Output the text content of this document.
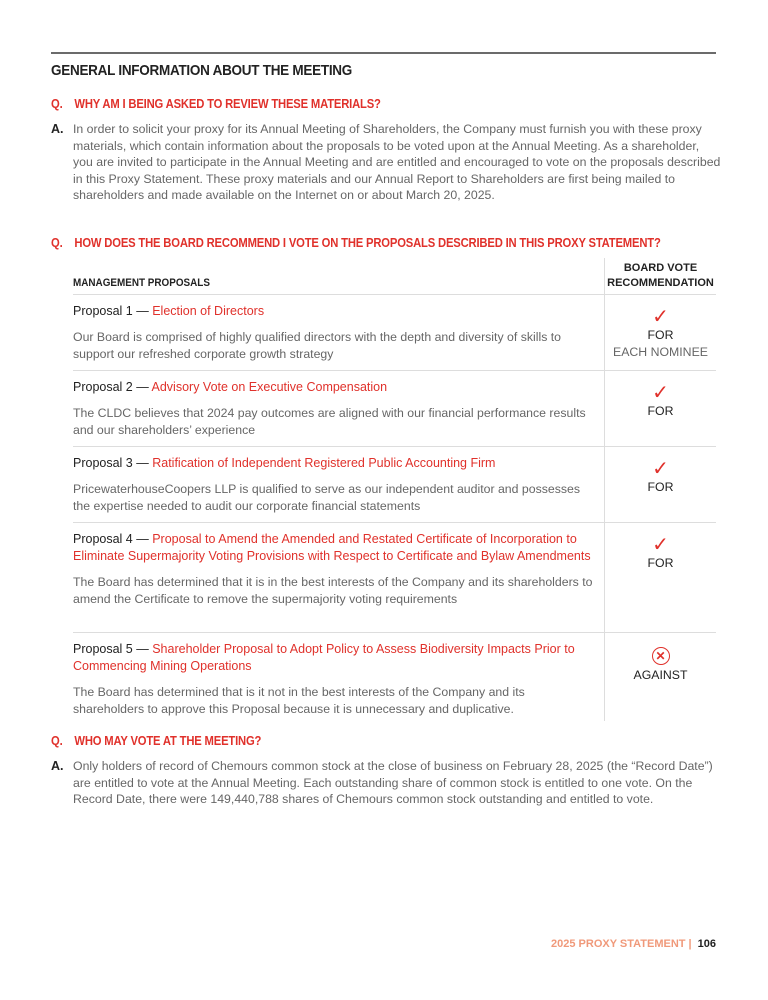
GENERAL INFORMATION ABOUT THE MEETING
Q. WHY AM I BEING ASKED TO REVIEW THESE MATERIALS?
A. In order to solicit your proxy for its Annual Meeting of Shareholders, the Company must furnish you with these proxy materials, which contain information about the proposals to be voted upon at the Annual Meeting. As a shareholder, you are invited to participate in the Annual Meeting and are entitled and encouraged to vote on the proposals described in this Proxy Statement. These proxy materials and our Annual Report to Shareholders are first being mailed to shareholders and made available on the Internet on or about March 20, 2025.
Q. HOW DOES THE BOARD RECOMMEND I VOTE ON THE PROPOSALS DESCRIBED IN THIS PROXY STATEMENT?
MANAGEMENT PROPOSALS
BOARD VOTE
RECOMMENDATION
Proposal 1 — Election of Directors
Our Board is comprised of highly qualified directors with the depth and diversity of skills to support our refreshed corporate growth strategy
✓
FOR
EACH NOMINEE
Proposal 2 — Advisory Vote on Executive Compensation
The CLDC believes that 2024 pay outcomes are aligned with our financial performance results and our shareholders’ experience
✓
FOR
Proposal 3 — Ratification of Independent Registered Public Accounting Firm
PricewaterhouseCoopers LLP is qualified to serve as our independent auditor and possesses the expertise needed to audit our corporate financial statements
✓
FOR
Proposal 4 — Proposal to Amend the Amended and Restated Certificate of Incorporation to Eliminate Supermajority Voting Provisions with Respect to Certificate and Bylaw Amendments
The Board has determined that it is in the best interests of the Company and its shareholders to amend the Certificate to remove the supermajority voting requirements
✓
FOR
Proposal 5 — Shareholder Proposal to Adopt Policy to Assess Biodiversity Impacts Prior to Commencing Mining Operations
The Board has determined that is it not in the best interests of the Company and its shareholders to approve this Proposal because it is unnecessary and duplicative.
✕
AGAINST
Q. WHO MAY VOTE AT THE MEETING?
A. Only holders of record of Chemours common stock at the close of business on February 28, 2025 (the “Record Date”) are entitled to vote at the Annual Meeting. Each outstanding share of common stock is entitled to one vote. On the Record Date, there were 149,440,788 shares of Chemours common stock outstanding and entitled to vote.
2025 PROXY STATEMENT | 106
